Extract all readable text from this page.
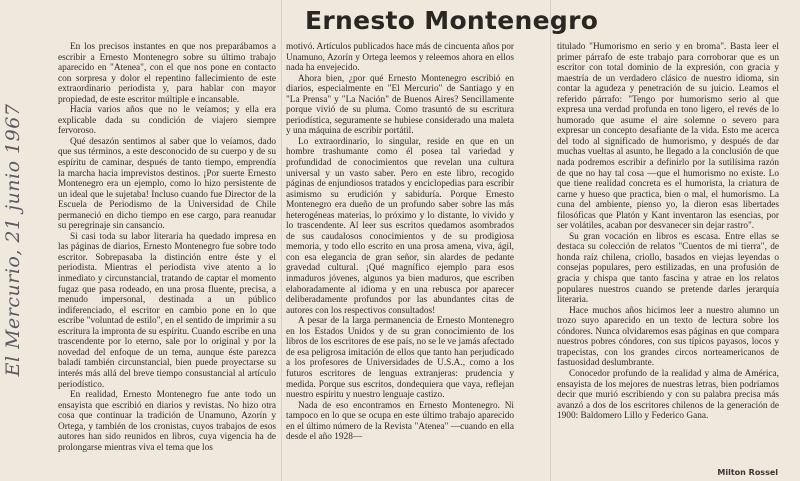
El Mercurio, 21 junio 1967
Ernesto Montenegro

En los precisos instantes en que nos preparábamos a escribir a Ernesto Montenegro sobre su último trabajo aparecido en "Atenea", con el que nos pone en contacto con sorpresa y dolor el repentino fallecimiento de este extraordinario periodista y, para hablar con mayor propiedad, de este escritor múltiple e incansable.

Hacía varios años que no le veíamos; y ella era explicable dada su condición de viajero siempre fervoroso.

Qué desazón sentimos al saber que lo veíamos, dado que sus términos, a este desconocido de su cuerpo y de su espíritu de caminar, después de tanto tiempo, emprendía la marcha hacia imprevistos destinos. ¡Por suerte Ernesto Montenegro era un ejemplo, como lo hizo persistente de un ideal que le sujetaba! Incluso cuando fue Director de la Escuela de Periodismo de la Universidad de Chile permaneció en dicho tiempo en ese cargo, para reanudar su peregrinaje sin cansancio.

Si casi toda su labor literaria ha quedado impresa en las páginas de diarios, Ernesto Montenegro fue sobre todo escritor. Sobrepasaba la distinción entre éste y el periodista. Mientras el periodista vive atento a lo inmediato y circunstancial, tratando de captar el momento fugaz que pasa rodeado, en una prosa fluente, precisa, a menudo impersonal, destinada a un público indiferenciado, el escritor en cambio pone en lo que escribe "voluntad de estilo", en el sentido de imprimir a su escritura la impronta de su espíritu. Cuando escribe en una trascendente por lo eterno, sale por lo original y por la novedad del enfoque de un tema, aunque éste parezca baladí también circunstancial, bien puede proyectarse su interés más allá del breve tiempo consustancial al artículo periodístico.

En realidad, Ernesto Montenegro fue ante todo un ensayista que escribió en diarios y revistas. No hizo otra cosa que continuar la tradición de Unamuno, Azorín y Ortega, y también de los cronistas, cuyos trabajos de esos autores han sido reunidos en libros, cuya vigencia ha de prolongarse mientras viva el tema que los

motivó. Artículos publicados hace más de cincuenta años por Unamuno, Azorín y Ortega leemos y releemos ahora en ellos nada ha envejecido.

Ahora bien, ¿por qué Ernesto Montenegro escribió en diarios, especialmente en "El Mercurio" de Santiago y en "La Prensa" y "La Nación" de Buenos Aires? Sencillamente porque vivió de su pluma. Como trasuntó de su escritura periodística, seguramente se hubiese considerado una maleta y una máquina de escribir portátil.

Lo extraordinario, lo singular, reside en que en un hombre trashumante como él posea tal variedad y profundidad de conocimientos que revelan una cultura universal y un vasto saber. Pero en este libro, recogido páginas de enjundiosos tratados y enciclopedias para escribir asimismo su erudición y sabiduría. Porque Ernesto Montenegro era dueño de un profundo saber sobre las más heterogéneas materias, lo próximo y lo distante, lo vivido y lo trascendente. Al leer sus escritos quedamos asombrados de sus caudalosos conocimientos y de su prodigiosa memoria, y todo ello escrito en una prosa amena, viva, ágil, con esa elegancia de gran señor, sin alardes de pedante gravedad cultural. ¡Qué magnífico ejemplo para esos inmaduros jóvenes, algunos ya bien maduros, que escriben elaboradamente al idioma y en una rebusca por aparecer deliberadamente profundos por las abundantes citas de autores con los respectivos consultados!

A pesar de la larga permanencia de Ernesto Montenegro en los Estados Unidos y de su gran conocimiento de los libros de los escritores de ese país, no se le ve jamás afectado de esa peligrosa imitación de ellos que tanto han perjudicado a los profesores de Universidades de U.S.A., como a los futuros escritores de lenguas extranjeras: prudencia y medida. Porque sus escritos, dondequiera que vaya, reflejan nuestro espíritu y nuestro lenguaje castizo.

Nada de eso encontramos en Ernesto Montenegro. Ni tampoco en lo que se ocupa en este último trabajo aparecido en el último número de la Revista "Atenea" —cuando en ella desde el año 1928—

titulado "Humorismo en serio y en broma". Basta leer el primer párrafo de este trabajo para corroborar que es un escritor con total dominio de la expresión, con gracia y maestría de un verdadero clásico de nuestro idioma, sin contar la agudeza y penetración de su juicio. Leamos el referido párrafo: "Tengo por humorismo serio al que expresa una verdad profunda en tono ligero, el revés de lo humorado que asume el aire solemne o severo para expresar un concepto desafiante de la vida. Esto me acerca del todo al significado de humorismo, y después de dar muchas vueltas al asunto, he llegado a la conclusión de que nada podremos escribir a definirlo por la sutilísima razón de que no hay tal cosa —que el humorismo no existe. Lo que tiene realidad concreta es el humorista, la criatura de carne y hueso que practica, bien o mal, el humorismo. La cuna del ambiente, pienso yo, la dieron esas libertades filosóficas que Platón y Kant inventaron las esencias, por ser volátiles, acaban por desvanecer sin dejar rastro".

Su gran vocación en libros es escasa. Entre ellas se destaca su colección de relatos "Cuentos de mi tierra", de honda raíz chilena, criollo, basados en viejas leyendas o consejas populares, pero estilizadas, en una profusión de gracia y chispa que tanto fascina y atrae en los relatos populares nuestros cuando se pretende darles jerarquía literaria.

Hace muchos años hicimos leer a nuestro alumno un trozo suyo aparecido en un texto de lectura sobre los cóndores. Nunca olvidaremos esas páginas en que compara nuestros pobres cóndores, con sus típicos payasos, locos y trapecistas, con los grandes circos norteamericanos de fastuosidad deslumbrante.

Conocedor profundo de la realidad y alma de América, ensayista de los mejores de nuestras letras, bien podríamos decir que murió escribiendo y con su palabra precisa más avanzó a dos de los escritores chilenos de la generación de 1900: Baldomero Lillo y Federico Gana.

Milton Rossel
